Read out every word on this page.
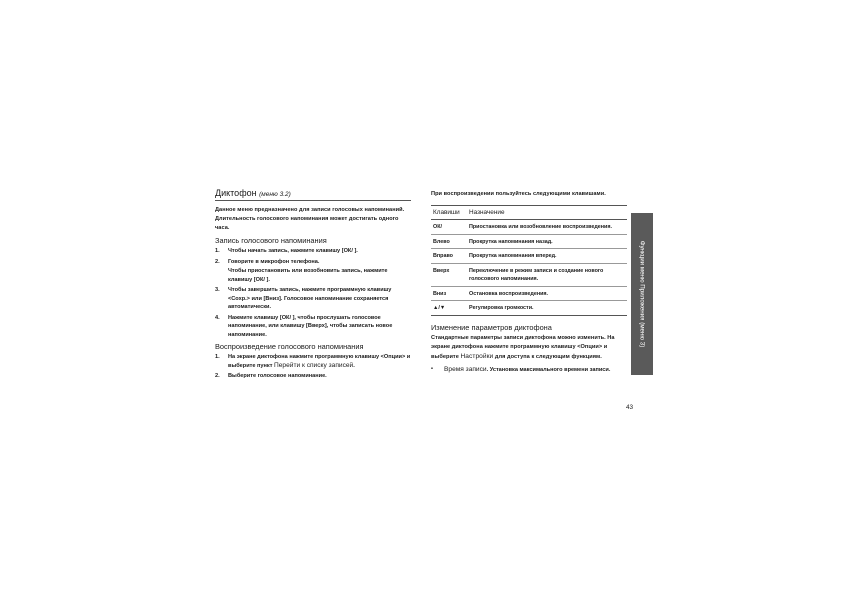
Диктофон (меню 3.2)
Данное меню предназначено для записи голосовых напоминаний. Длительность голосового напоминания может достигать одного часа.
Запись голосового напоминания
1.	Чтобы начать запись, нажмите клавишу [ОК/ ].
2.	Говорите в микрофон телефона.
Чтобы приостановить или возобновить запись, нажмите клавишу [ОК/ ].
3.	Чтобы завершить запись, нажмите программную клавишу <Сохр.> или [Вниз]. Голосовое напоминание сохраняется автоматически.
4.	Нажмите клавишу [ОК/ ], чтобы прослушать голосовое напоминание, или клавишу [Вверх], чтобы записать новое напоминание.
Воспроизведение голосового напоминания
1.	На экране диктофона нажмите программную клавишу <Опции> и выберите пункт Перейти к списку записей.
2.	Выберите голосовое напоминание.
При воспроизведении пользуйтесь следующими клавишами.
Клавиши	Назначение
ОК/	Приостановка или возобновление воспроизведения.
Влево	Прокрутка напоминания назад.
Вправо	Прокрутка напоминания вперед.
Вверх	Переключение в режим записи и создание нового голосового напоминания.
Вниз	Остановка воспроизведения.
▲/▼	Регулировка громкости.
Изменение параметров диктофона
Стандартные параметры записи диктофона можно изменить. На экране диктофона нажмите программную клавишу <Опции> и выберите Настройки для доступа к следующим функциям.
•	Время записи. Установка максимального времени записи.
Функции меню Приложения (меню 3)
43
